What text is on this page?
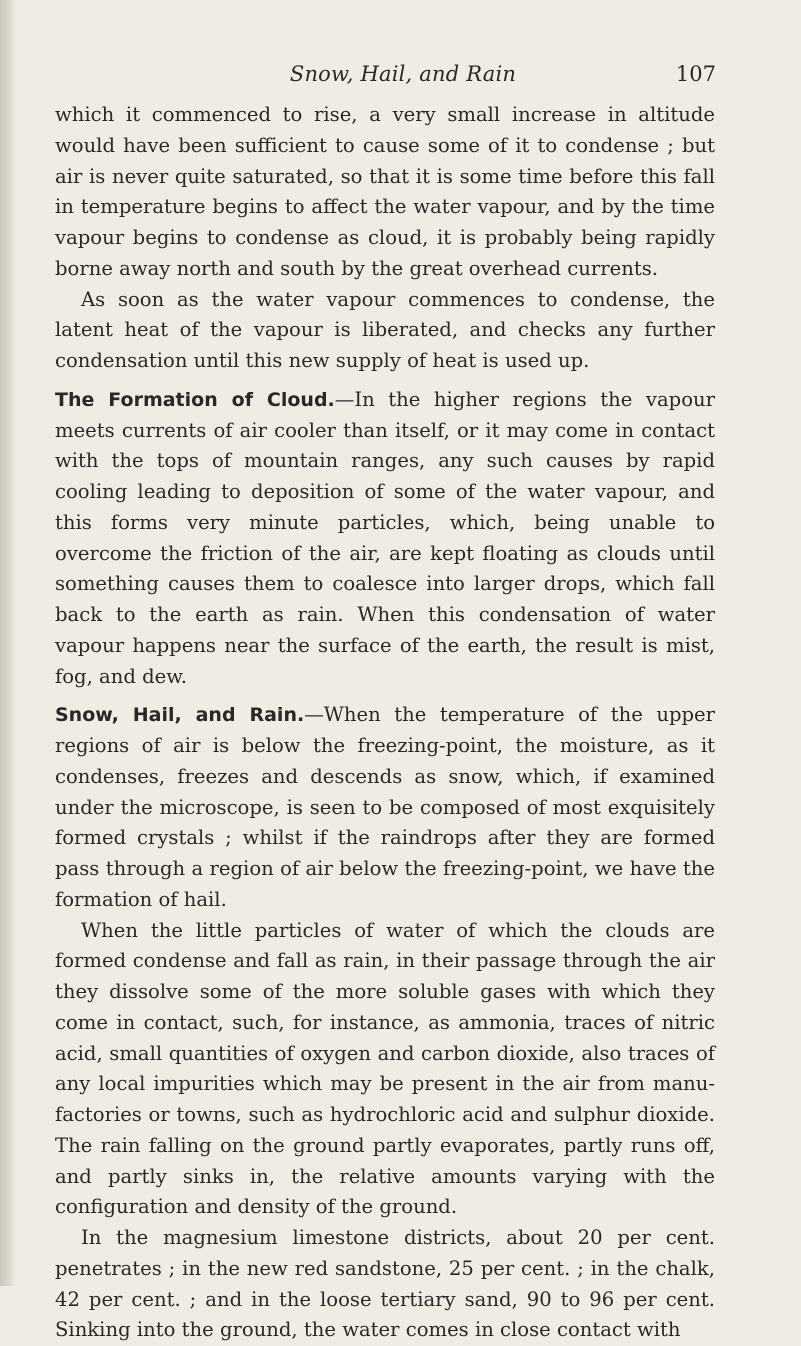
Snow, Hail, and Rain	107

which it commenced to rise, a very small increase in altitude would have been sufficient to cause some of it to condense ; but air is never quite saturated, so that it is some time before this fall in temperature begins to affect the water vapour, and by the time vapour begins to condense as cloud, it is probably being rapidly borne away north and south by the great overhead currents.

As soon as the water vapour commences to condense, the latent heat of the vapour is liberated, and checks any further condensation until this new supply of heat is used up.

The Formation of Cloud.—In the higher regions the vapour meets currents of air cooler than itself, or it may come in contact with the tops of mountain ranges, any such causes by rapid cooling leading to deposition of some of the water vapour, and this forms very minute particles, which, being unable to overcome the friction of the air, are kept floating as clouds until something causes them to coalesce into larger drops, which fall back to the earth as rain. When this condensation of water vapour happens near the surface of the earth, the result is mist, fog, and dew.

Snow, Hail, and Rain.—When the temperature of the upper regions of air is below the freezing-point, the moisture, as it condenses, freezes and descends as snow, which, if examined under the microscope, is seen to be composed of most exquisitely formed crystals ; whilst if the raindrops after they are formed pass through a region of air below the freezing-point, we have the formation of hail.

When the little particles of water of which the clouds are formed condense and fall as rain, in their passage through the air they dissolve some of the more soluble gases with which they come in contact, such, for instance, as ammonia, traces of nitric acid, small quantities of oxygen and carbon dioxide, also traces of any local impurities which may be present in the air from manu-factories or towns, such as hydrochloric acid and sulphur dioxide. The rain falling on the ground partly evaporates, partly runs off, and partly sinks in, the relative amounts varying with the configuration and density of the ground.

In the magnesium limestone districts, about 20 per cent. penetrates ; in the new red sandstone, 25 per cent. ; in the chalk, 42 per cent. ; and in the loose tertiary sand, 90 to 96 per cent. Sinking into the ground, the water comes in close contact with
